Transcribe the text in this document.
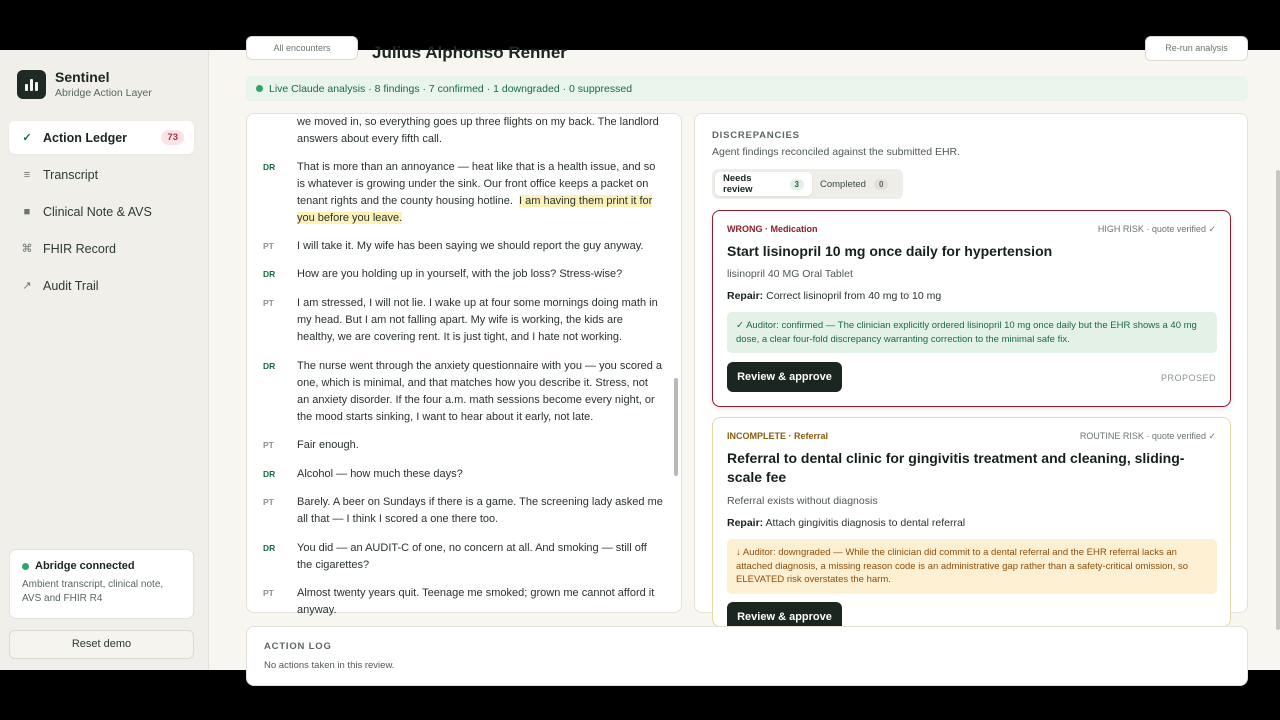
Sentinel
Abridge Action Layer
✓ Action Ledger	73
≡ Transcript
■ Clinical Note & AVS
⌘ FHIR Record
↗ Audit Trail
Abridge connected
Ambient transcript, clinical note, AVS and FHIR R4
Reset demo
All encounters	Julius Alphonso Renner	Re-run analysis
Live Claude analysis · 8 findings · 7 confirmed · 1 downgraded · 0 suppressed
we moved in, so everything goes up three flights on my back. The landlord answers about every fifth call.
DR	That is more than an annoyance — heat like that is a health issue, and so is whatever is growing under the sink. Our front office keeps a packet on tenant rights and the county housing hotline. I am having them print it for you before you leave.
PT	I will take it. My wife has been saying we should report the guy anyway.
DR	How are you holding up in yourself, with the job loss? Stress-wise?
PT	I am stressed, I will not lie. I wake up at four some mornings doing math in my head. But I am not falling apart. My wife is working, the kids are healthy, we are covering rent. It is just tight, and I hate not working.
DR	The nurse went through the anxiety questionnaire with you — you scored a one, which is minimal, and that matches how you describe it. Stress, not an anxiety disorder. If the four a.m. math sessions become every night, or the mood starts sinking, I want to hear about it early, not late.
PT	Fair enough.
DR	Alcohol — how much these days?
PT	Barely. A beer on Sundays if there is a game. The screening lady asked me all that — I think I scored a one there too.
DR	You did — an AUDIT-C of one, no concern at all. And smoking — still off the cigarettes?
PT	Almost twenty years quit. Teenage me smoked; grown me cannot afford it anyway.
DISCREPANCIES
Agent findings reconciled against the submitted EHR.
Needs review	3	Completed	0
WRONG · Medication	HIGH RISK · quote verified ✓
Start lisinopril 10 mg once daily for hypertension
lisinopril 40 MG Oral Tablet
Repair: Correct lisinopril from 40 mg to 10 mg
✓ Auditor: confirmed — The clinician explicitly ordered lisinopril 10 mg once daily but the EHR shows a 40 mg dose, a clear four-fold discrepancy warranting correction to the minimal safe fix.
Review & approve	PROPOSED
INCOMPLETE · Referral	ROUTINE RISK · quote verified ✓
Referral to dental clinic for gingivitis treatment and cleaning, sliding-scale fee
Referral exists without diagnosis
Repair: Attach gingivitis diagnosis to dental referral
↓ Auditor: downgraded — While the clinician did commit to a dental referral and the EHR referral lacks an attached diagnosis, a missing reason code is an administrative gap rather than a safety-critical omission, so ELEVATED risk overstates the harm.
Review & approve
ACTION LOG
No actions taken in this review.
